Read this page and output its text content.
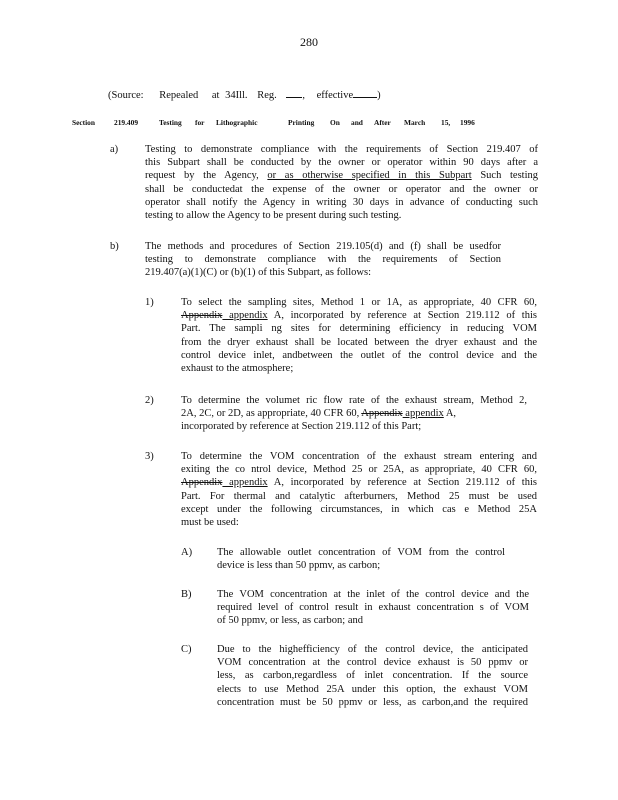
280
(Source: Repealed at 34Ill. Reg. , effective )
Section	219.409	Testing for Lithographic	Printing On and After March 15, 1996
a)	Testing to demonstrate compliance with the requirements of Section 219.407 of
this Subpart shall be conducted by the owner or operator within 90 days after a
request by the Agency, or as otherwise specified in this Subpart Such testing
shall be conductedat the expense of the owner or operator and the owner or
operator shall notify the Agency in writing 30 days in advance of conducting such
testing to allow the Agency to be present during such testing.
b)	The methods and procedures of Section 219.105(d) and (f) shall be usedfor
testing to demonstrate compliance with the requirements of Section
219.407(a)(1)(C) or (b)(1) of this Subpart, as follows:
1)	To select the sampling sites, Method 1 or 1A, as appropriate, 40 CFR 60,
Appendix appendix A, incorporated by reference at Section 219.112 of this
Part. The sampli ng sites for determining efficiency in reducing VOM
from the dryer exhaust shall be located between the dryer exhaust and the
control device inlet, andbetween the outlet of the control device and the
exhaust to the atmosphere;
2)	To determine the volumet ric flow rate of the exhaust stream, Method 2,
2A, 2C, or 2D, as appropriate, 40 CFR 60, Appendix appendix A,
incorporated by reference at Section 219.112 of this Part;
3)	To determine the VOM concentration of the exhaust stream entering and
exiting the co ntrol device, Method 25 or 25A, as appropriate, 40 CFR 60,
Appendix appendix A, incorporated by reference at Section 219.112 of this
Part. For thermal and catalytic afterburners, Method 25 must be used
except under the following circumstances, in which cas e Method 25A
must be used:
A) The allowable outlet concentration of VOM from the control
device is less than 50 ppmv, as carbon;
B) The VOM concentration at the inlet of the control device and the
required level of control result in exhaust concentration s of VOM
of 50 ppmv, or less, as carbon; and
C) Due to the highefficiency of the control device, the anticipated
VOM concentration at the control device exhaust is 50 ppmv or
less, as carbon,regardless of inlet concentration. If the source
elects to use Method 25A under this option, the exhaust VOM
concentration must be 50 ppmv or less, as carbon,and the required
